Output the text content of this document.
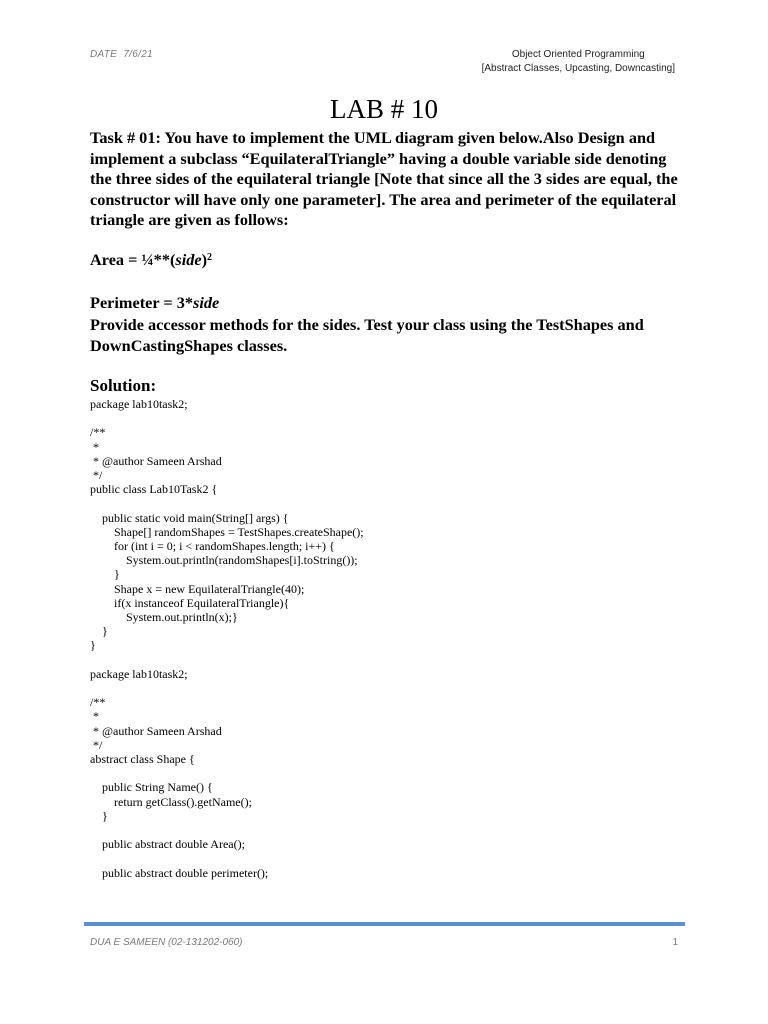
DATE 7/6/21	Object Oriented Programming
[Abstract Classes, Upcasting, Downcasting]
LAB # 10
Task # 01: You have to implement the UML diagram given below.Also Design and implement a subclass “EquilateralTriangle” having a double variable side denoting the three sides of the equilateral triangle [Note that since all the 3 sides are equal, the constructor will have only one parameter]. The area and perimeter of the equilateral triangle are given as follows:
Area = ¼**(side)$^2$
Perimeter = 3*side
Provide accessor methods for the sides. Test your class using the TestShapes and DownCastingShapes classes.
Solution:
package lab10task2;

/**
*
* @author Sameen Arshad
*/
public class Lab10Task2 {

public static void main(String[] args) {
Shape[] randomShapes = TestShapes.createShape();
for (int i = 0; i < randomShapes.length; i++) {
System.out.println(randomShapes[i].toString());
}
Shape x = new EquilateralTriangle(40);
if(x instanceof EquilateralTriangle){
System.out.println(x);}
}
}

package lab10task2;

/**
*
* @author Sameen Arshad
*/
abstract class Shape {

public String Name() {
return getClass().getName();
}

public abstract double Area();

public abstract double perimeter();
DUA E SAMEEN (02-131202-060)	1
